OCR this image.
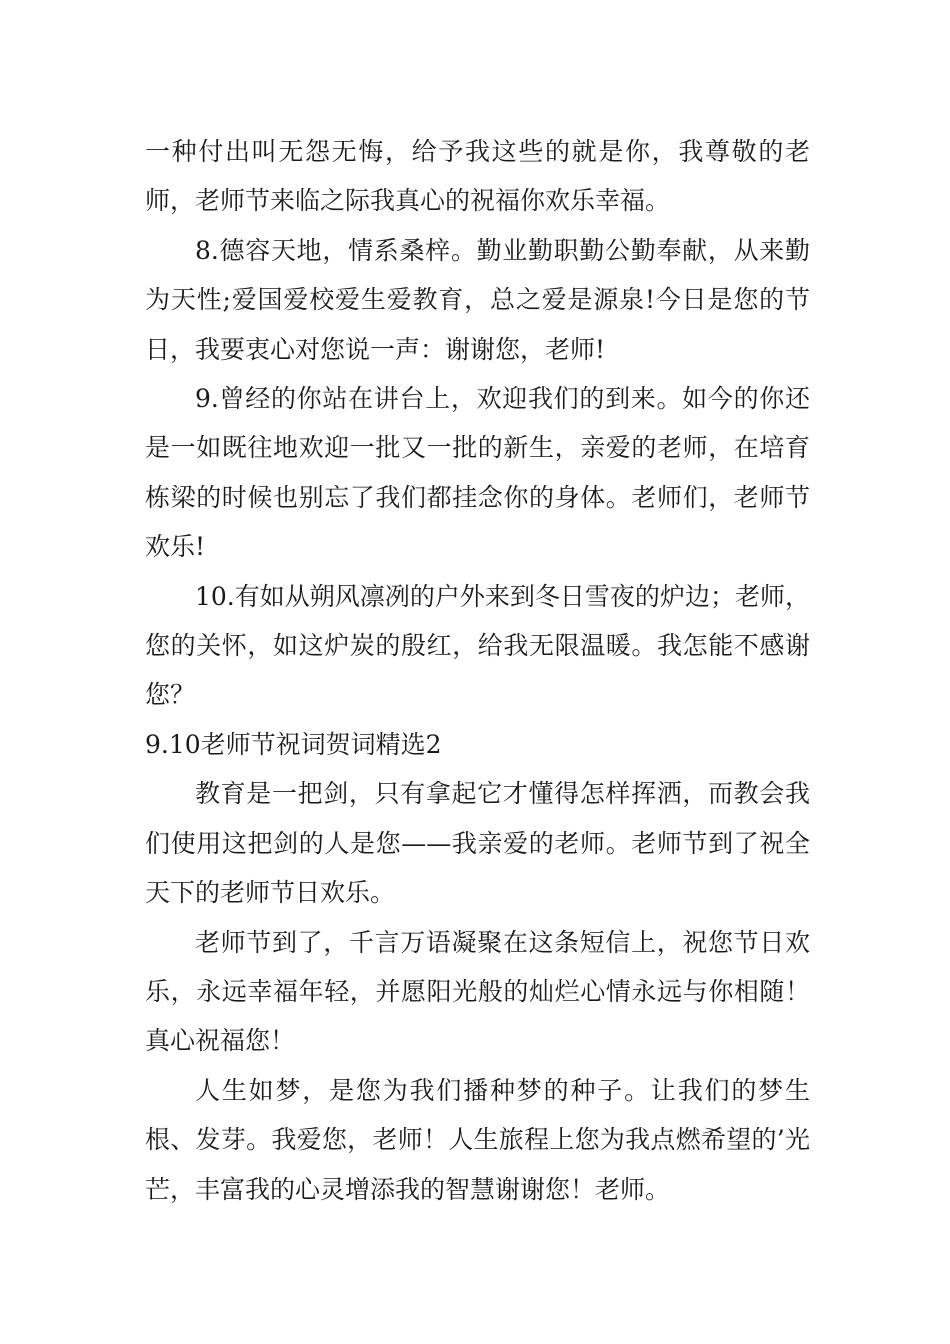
一种付出叫无怨无悔，给予我这些的就是你，我尊敬的老师，老师节来临之际我真心的祝福你欢乐幸福。

8.德容天地，情系桑梓。勤业勤职勤公勤奉献，从来勤为天性;爱国爱校爱生爱教育，总之爱是源泉!今日是您的节日，我要衷心对您说一声：谢谢您，老师!

9.曾经的你站在讲台上，欢迎我们的到来。如今的你还是一如既往地欢迎一批又一批的新生，亲爱的老师，在培育栋梁的时候也别忘了我们都挂念你的身体。老师们，老师节欢乐!

10.有如从朔风凛冽的户外来到冬日雪夜的炉边；老师，您的关怀，如这炉炭的殷红，给我无限温暖。我怎能不感谢您？

9.10老师节祝词贺词精选2

教育是一把剑，只有拿起它才懂得怎样挥洒，而教会我们使用这把剑的人是您——我亲爱的老师。老师节到了祝全天下的老师节日欢乐。

老师节到了，千言万语凝聚在这条短信上，祝您节日欢乐，永远幸福年轻，并愿阳光般的灿烂心情永远与你相随！真心祝福您！

人生如梦，是您为我们播种梦的种子。让我们的梦生根、发芽。我爱您，老师！人生旅程上您为我点燃希望的’光芒，丰富我的心灵增添我的智慧谢谢您！老师。
